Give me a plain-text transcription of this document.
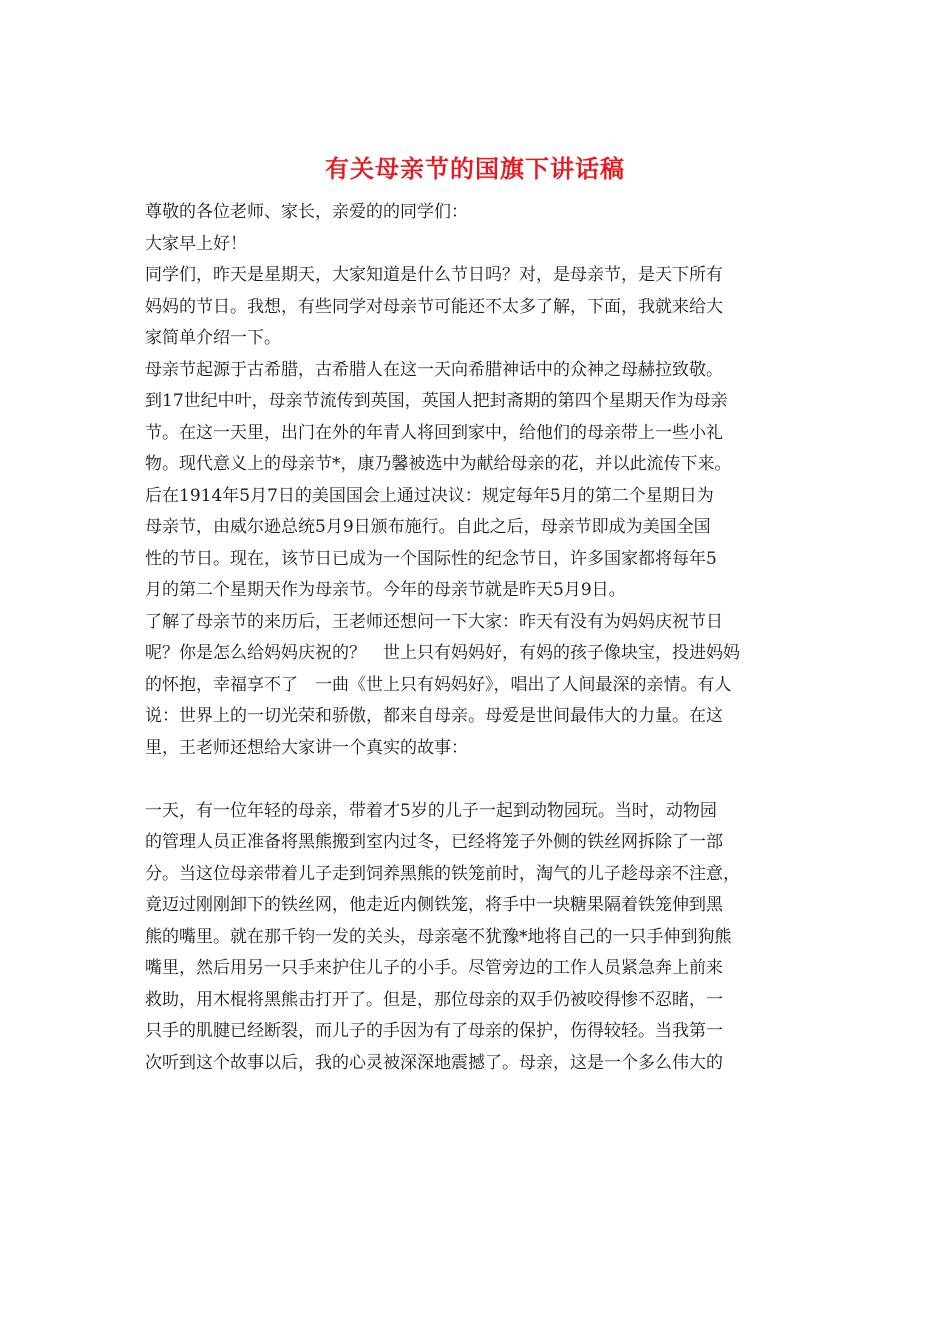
有关母亲节的国旗下讲话稿
尊敬的各位老师、家长，亲爱的的同学们：
大家早上好！
同学们，昨天是星期天，大家知道是什么节日吗？对，是母亲节，是天下所有
妈妈的节日。我想，有些同学对母亲节可能还不太多了解，下面，我就来给大
家简单介绍一下。
母亲节起源于古希腊，古希腊人在这一天向希腊神话中的众神之母赫拉致敬。
到17世纪中叶，母亲节流传到英国，英国人把封斋期的第四个星期天作为母亲
节。在这一天里，出门在外的年青人将回到家中，给他们的母亲带上一些小礼
物。现代意义上的母亲节*，康乃馨被选中为献给母亲的花，并以此流传下来。
后在1914年5月7日的美国国会上通过决议：规定每年5月的第二个星期日为
母亲节，由威尔逊总统5月9日颁布施行。自此之后，母亲节即成为美国全国
性的节日。现在，该节日已成为一个国际性的纪念节日，许多国家都将每年5
月的第二个星期天作为母亲节。今年的母亲节就是昨天5月9日。
了解了母亲节的来历后，王老师还想问一下大家：昨天有没有为妈妈庆祝节日
呢？你是怎么给妈妈庆祝的？　世上只有妈妈好，有妈的孩子像块宝，投进妈妈
的怀抱，幸福享不了　一曲《世上只有妈妈好》，唱出了人间最深的亲情。有人
说：世界上的一切光荣和骄傲，都来自母亲。母爱是世间最伟大的力量。在这
里，王老师还想给大家讲一个真实的故事：
一天，有一位年轻的母亲，带着才5岁的儿子一起到动物园玩。当时，动物园
的管理人员正准备将黑熊搬到室内过冬，已经将笼子外侧的铁丝网拆除了一部
分。当这位母亲带着儿子走到饲养黑熊的铁笼前时，淘气的儿子趁母亲不注意，
竟迈过刚刚卸下的铁丝网，他走近内侧铁笼，将手中一块糖果隔着铁笼伸到黑
熊的嘴里。就在那千钧一发的关头，母亲毫不犹豫*地将自己的一只手伸到狗熊
嘴里，然后用另一只手来护住儿子的小手。尽管旁边的工作人员紧急奔上前来
救助，用木棍将黑熊击打开了。但是，那位母亲的双手仍被咬得惨不忍睹，一
只手的肌腱已经断裂，而儿子的手因为有了母亲的保护，伤得较轻。当我第一
次听到这个故事以后，我的心灵被深深地震撼了。母亲，这是一个多么伟大的
